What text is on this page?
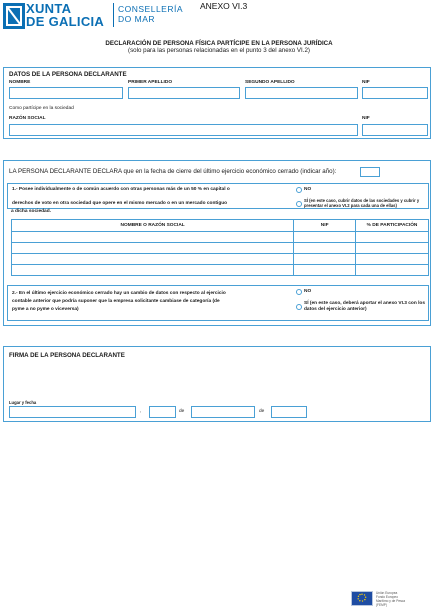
XUNTA
DE GALICIA
CONSELLERÍA
DO MAR
ANEXO VI.3
DECLARACIÓN DE PERSONA FÍSICA PARTÍCIPE EN LA PERSONA JURÍDICA
(solo para las personas relacionadas en el punto 3 del anexo VI.2)
DATOS DE LA PERSONA DECLARANTE
NOMBRE	PRIMER APELLIDO	SEGUNDO APELLIDO	NIF
Como partícipe en la sociedad
RAZÓN SOCIAL	NIF
LA PERSONA DECLARANTE DECLARA que en la fecha de cierre del último ejercicio económico cerrado (indicar año):
1.- Posee individualmente o de común acuerdo con otras personas más de un 50 % en capital o
derechos de voto en otra sociedad que opere en el mismo mercado o en un mercado contiguo
a dicha sociedad.
NO
SÍ (en este caso, cubrir datos de las sociedades y cubrir y presentar el anexo VI.2 para cada una de ellas)
NOMBRE O RAZÓN SOCIAL	NIF	% DE PARTICIPACIÓN

2.- En el último ejercicio económico cerrado hay un cambio de datos con respecto al ejercicio
contable anterior que podría suponer que la empresa solicitante cambiase de categoría (de
pyme a no pyme o viceversa)
NO
SÍ (en este caso, deberá aportar el anexo VI.3 con los datos del ejercicio anterior)
FIRMA DE LA PERSONA DECLARANTE
Lugar y fecha
,	de	de
Unión Europea
Fondo Europeo
Marítimo y de Pesca
(FEMP)
